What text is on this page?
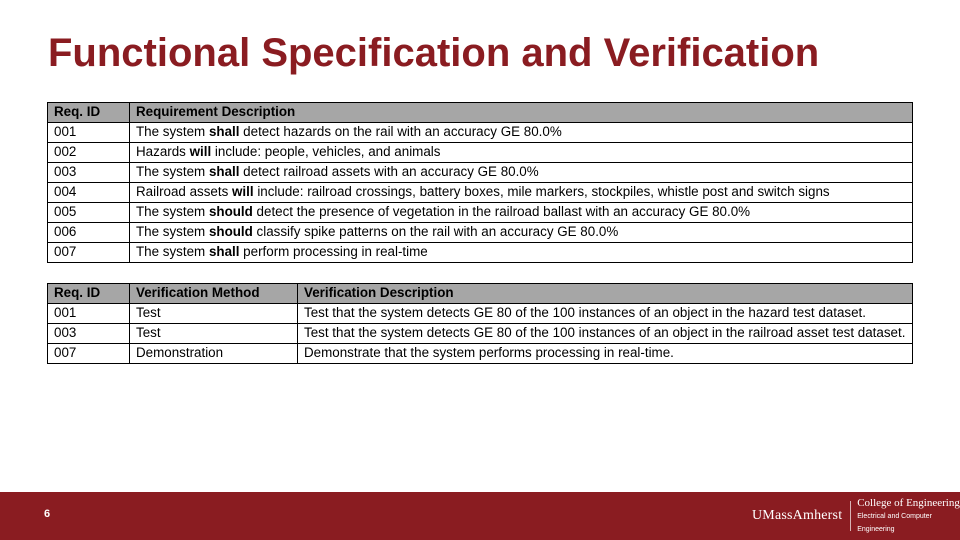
Functional Specification and Verification
Req. ID	Requirement Description
001	The system shall detect hazards on the rail with an accuracy GE 80.0%
002	Hazards will include: people, vehicles, and animals
003	The system shall detect railroad assets with an accuracy GE 80.0%
004	Railroad assets will include: railroad crossings, battery boxes, mile markers, stockpiles, whistle post and switch signs
005	The system should detect the presence of vegetation in the railroad ballast with an accuracy GE 80.0%
006	The system should classify spike patterns on the rail with an accuracy GE 80.0%
007	The system shall perform processing in real-time
Req. ID	Verification Method	Verification Description
001	Test	Test that the system detects GE 80 of the 100 instances of an object in the hazard test dataset.
003	Test	Test that the system detects GE 80 of the 100 instances of an object in the railroad asset test dataset.
007	Demonstration	Demonstrate that the system performs processing in real-time.
6	UMassAmherst
College of Engineering
Electrical and Computer Engineering
